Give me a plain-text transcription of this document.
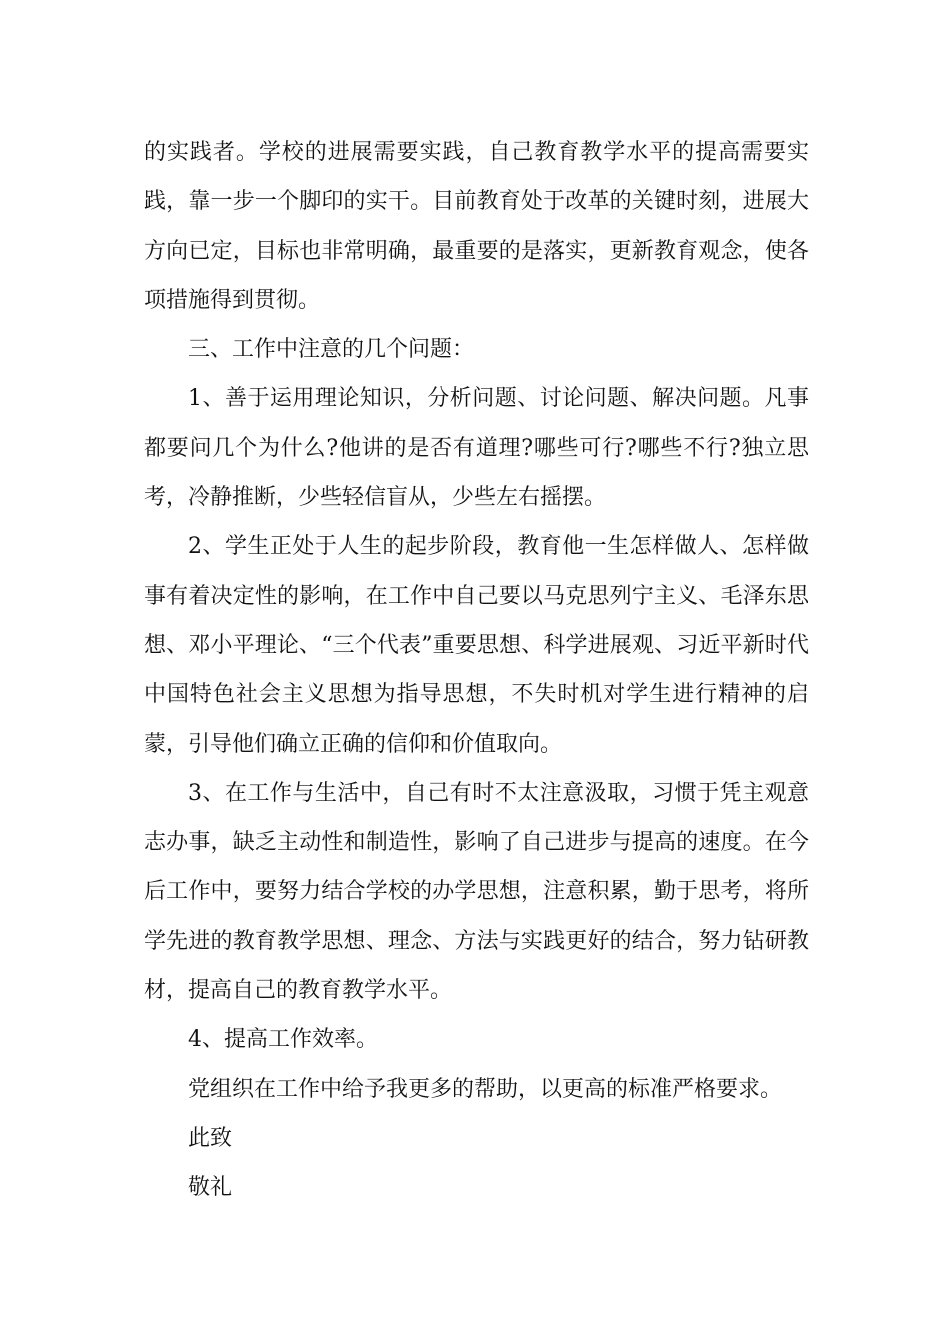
的实践者。学校的进展需要实践，自己教育教学水平的提高需要实践，靠一步一个脚印的实干。目前教育处于改革的关键时刻，进展大方向已定，目标也非常明确，最重要的是落实，更新教育观念，使各项措施得到贯彻。

三、工作中注意的几个问题：

1、善于运用理论知识，分析问题、讨论问题、解决问题。凡事都要问几个为什么?他讲的是否有道理?哪些可行?哪些不行?独立思考，冷静推断，少些轻信盲从，少些左右摇摆。

2、学生正处于人生的起步阶段，教育他一生怎样做人、怎样做事有着决定性的影响，在工作中自己要以马克思列宁主义、毛泽东思想、邓小平理论、“三个代表”重要思想、科学进展观、习近平新时代中国特色社会主义思想为指导思想，不失时机对学生进行精神的启蒙，引导他们确立正确的信仰和价值取向。

3、在工作与生活中，自己有时不太注意汲取，习惯于凭主观意志办事，缺乏主动性和制造性，影响了自己进步与提高的速度。在今后工作中，要努力结合学校的办学思想，注意积累，勤于思考，将所学先进的教育教学思想、理念、方法与实践更好的结合，努力钻研教材，提高自己的教育教学水平。

4、提高工作效率。

党组织在工作中给予我更多的帮助，以更高的标准严格要求。

此致

敬礼
